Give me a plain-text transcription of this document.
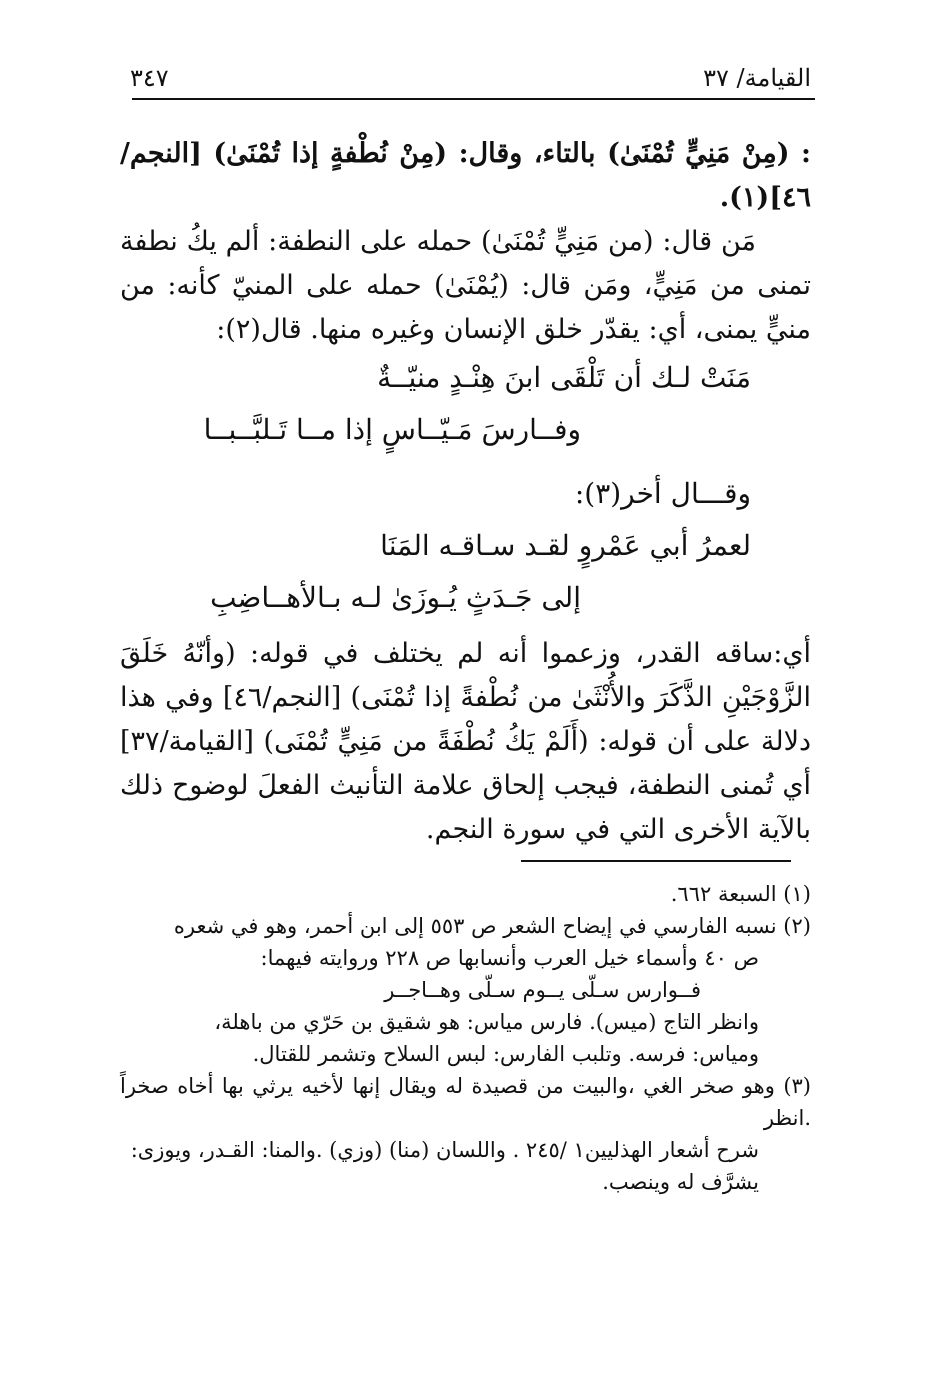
القيامة/ ٣٧
٣٤٧

: (مِنْ مَنِيٍّ تُمْنَىٰ) بالتاء، وقال: (مِنْ نُطْفةٍ إذا تُمْنَىٰ) [النجم/٤٦](١).

مَن قال: (من مَنِيٍّ تُمْنَىٰ) حمله على النطفة: ألم يكُ نطفة تمنى من مَنِيٍّ، ومَن قال: (يُمْنَىٰ) حمله على المنيّ كأنه: من منيٍّ يمنى، أي: يقدّر خلق الإنسان وغيره منها. قال(٢):

مَنَتْ لـك أن تَلْقَى ابنَ هِنْـدٍ منيّــةٌ

وفــارسَ مَـيّــاسٍ إذا مــا تَـلبَّــبــا

وقـــال أخر(٣):

لعمرُ أبي عَمْروٍ لقـد سـاقـه المَنَا

إلى جَـدَثٍ يُـوزَىٰ لـه بـالأهــاضِبِ

أي:ساقه القدر، وزعموا أنه لم يختلف في قوله: (وأنّهُ خَلَقَ الزَّوْجَيْنِ الذَّكَرَ والأُنْثَىٰ من نُطْفةً إذا تُمْنَى) [النجم/٤٦] وفي هذا دلالة على أن قوله: (أَلَمْ يَكُ نُطْفَةً من مَنِيٍّ تُمْنَى) [القيامة/٣٧] أي تُمنى النطفة، فيجب إلحاق علامة التأنيث الفعلَ لوضوح ذلك بالآية الأخرى التي في سورة النجم.

(١) السبعة ٦٦٢.

(٢) نسبه الفارسي في إيضاح الشعر ص ٥٥٣ إلى ابن أحمر، وهو في شعره

ص ٤٠ وأسماء خيل العرب وأنسابها ص ٢٢٨ وروايته فيهما:

فــوارس سـلّى يــوم سـلّى وهــاجــر

وانظر التاج (ميس). فارس مياس: هو شقيق بن حَرّي من باهلة،

ومياس: فرسه. وتلبب الفارس: لبس السلاح وتشمر للقتال.

(٣) وهو صخر الغي ،والبيت من قصيدة له ويقال إنها لأخيه يرثي بها أخاه صخراً .انظر

شرح أشعار الهذليين١ /٢٤٥ . واللسان (منا) (وزي) .والمنا: القـدر، ويوزى:

يشرَّف له وينصب.
